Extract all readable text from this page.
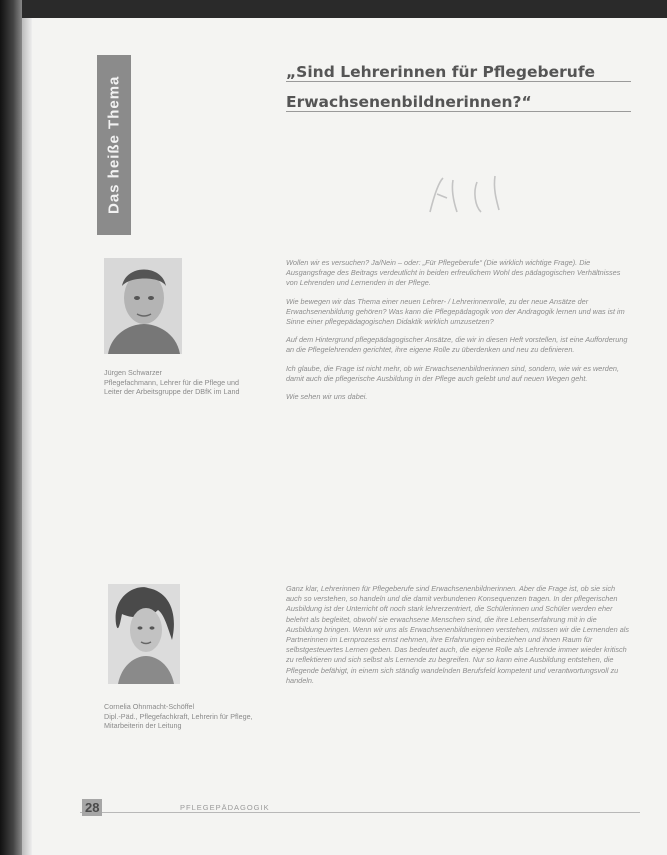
Das heiße Thema
„Sind Lehrerinnen für Pflegeberufe
Erwachsenenbildnerinnen?“
Jürgen Schwarzer
Pflegefachmann, Lehrer für die Pflege und Leiter der Arbeitsgruppe der DBfK im Land
Cornelia Ohnmacht-Schöffel
Dipl.-Päd., Pflegefachkraft, Lehrerin für Pflege, Mitarbeiterin der Leitung

Wollen wir es versuchen? Ja/Nein – oder: „Für Pflegeberufe“ (Die wirklich wichtige Frage). Die Ausgangsfrage des Beitrags verdeutlicht in beiden erfreulichem Wohl des pädagogischen Verhältnisses von Lehrenden und Lernenden in der Pflege.

Wie bewegen wir das Thema einer neuen Lehrer- / Lehrerinnenrolle, zu der neue Ansätze der Erwachsenenbildung gehören? Was kann die Pflegepädagogik von der Andragogik lernen und was ist im Sinne einer pflegepädagogischen Didaktik wirklich umzusetzen?

Auf dem Hintergrund pflegepädagogischer Ansätze, die wir in diesen Heft vorstellen, ist eine Aufforderung an die Pflegelehrenden gerichtet, ihre eigene Rolle zu überdenken und neu zu definieren.

Ich glaube, die Frage ist nicht mehr, ob wir Erwachsenenbildnerinnen sind, sondern, wie wir es werden, damit auch die pflegerische Ausbildung in der Pflege auch gelebt und auf neuen Wegen geht.

Wie sehen wir uns dabei.

Ganz klar, Lehrerinnen für Pflegeberufe sind Erwachsenenbildnerinnen. Aber die Frage ist, ob sie sich auch so verstehen, so handeln und die damit verbundenen Konsequenzen tragen. In der pflegerischen Ausbildung ist der Unterricht oft noch stark lehrerzentriert, die Schülerinnen und Schüler werden eher belehrt als begleitet, obwohl sie erwachsene Menschen sind, die ihre Lebenserfahrung mit in die Ausbildung bringen. Wenn wir uns als Erwachsenenbildnerinnen verstehen, müssen wir die Lernenden als Partnerinnen im Lernprozess ernst nehmen, ihre Erfahrungen einbeziehen und ihnen Raum für selbstgesteuertes Lernen geben. Das bedeutet auch, die eigene Rolle als Lehrende immer wieder kritisch zu reflektieren und sich selbst als Lernende zu begreifen. Nur so kann eine Ausbildung entstehen, die Pflegende befähigt, in einem sich ständig wandelnden Berufsfeld kompetent und verantwortungsvoll zu handeln.

28	PFLEGEPÄDAGOGIK
